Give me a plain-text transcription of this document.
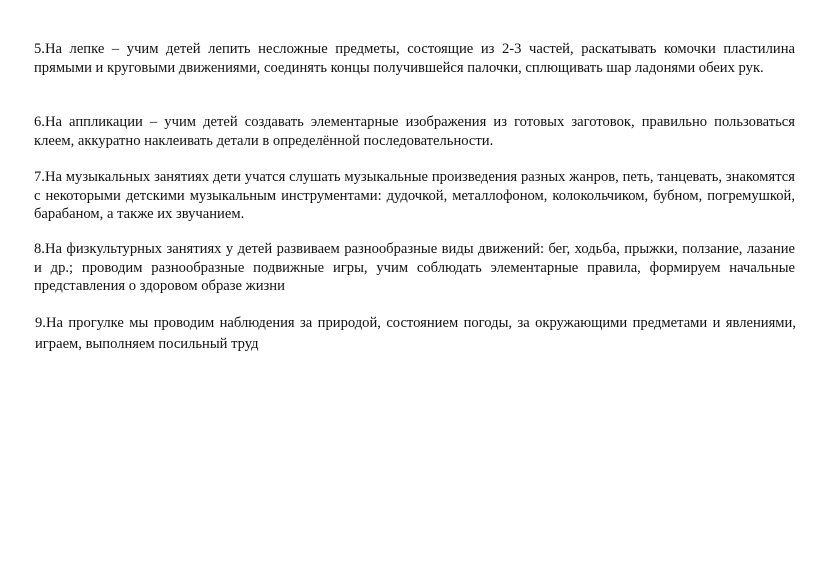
5.На лепке – учим детей лепить несложные предметы, состоящие из 2-3 частей, раскатывать комочки пластилина прямыми и круговыми движениями, соединять концы получившейся палочки, сплющивать шар ладонями обеих рук.

6.На аппликации – учим детей создавать элементарные изображения из готовых заготовок, правильно пользоваться клеем, аккуратно наклеивать детали в определённой последовательности.

7.На музыкальных занятиях дети учатся слушать музыкальные произведения разных жанров, петь, танцевать, знакомятся с некоторыми детскими музыкальным инструментами: дудочкой, металлофоном, колокольчиком, бубном, погремушкой, барабаном, а также их звучанием.

8.На физкультурных занятиях у детей развиваем разнообразные виды движений: бег, ходьба, прыжки, ползание, лазание и др.; проводим разнообразные подвижные игры, учим соблюдать элементарные правила, формируем начальные представления о здоровом образе жизни

9.На прогулке мы проводим наблюдения за природой, состоянием погоды, за окружающими предметами и явлениями, играем, выполняем посильный труд
